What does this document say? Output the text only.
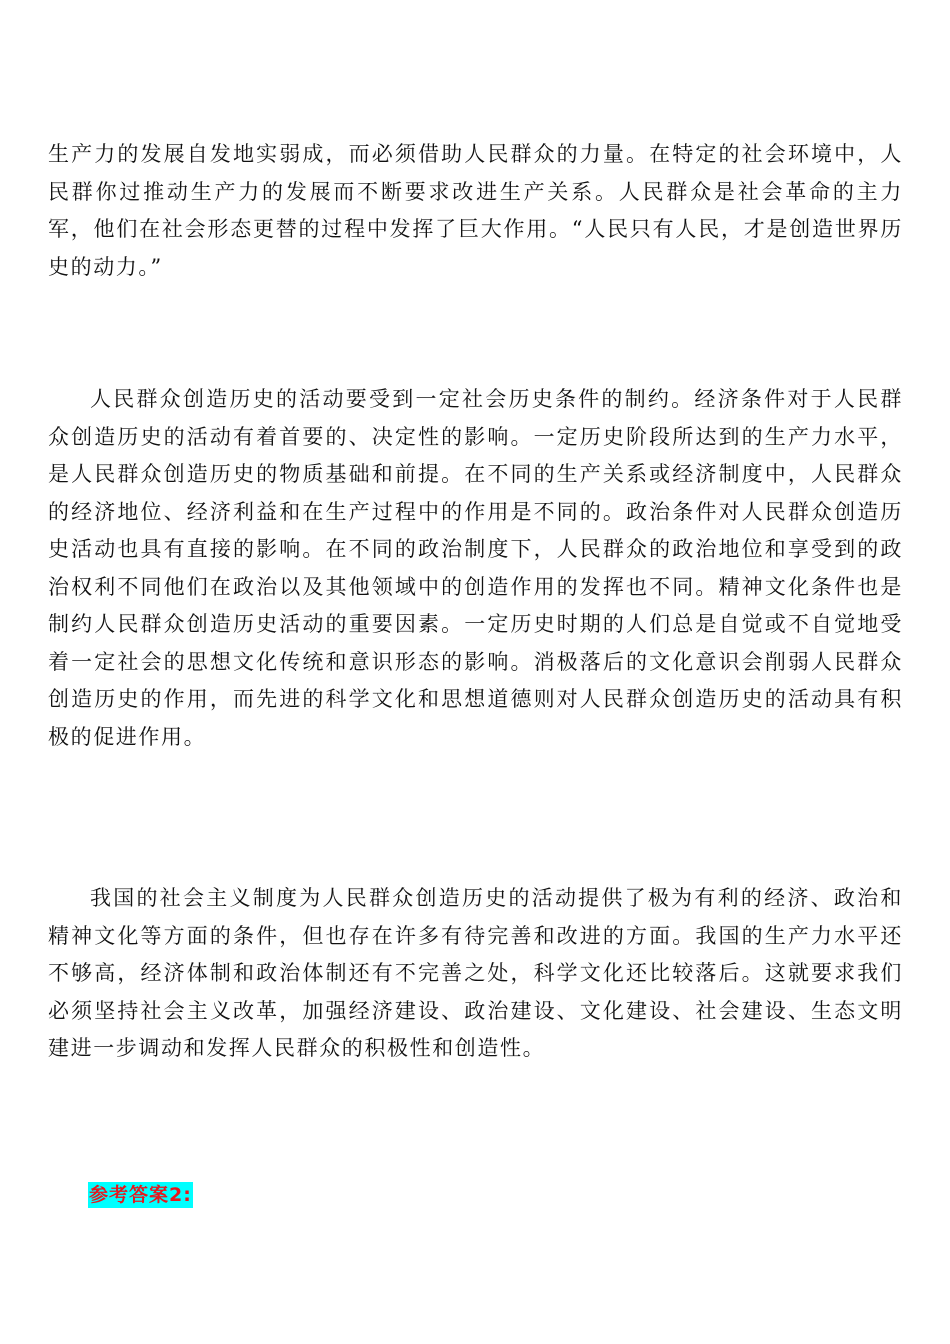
生产力的发展自发地实弱成，而必须借助人民群众的力量。在特定的社会环境中，人民群你过推动生产力的发展而不断要求改进生产关系。人民群众是社会革命的主力军，他们在社会形态更替的过程中发挥了巨大作用。“人民只有人民，才是创造世界历史的动力。”

人民群众创造历史的活动要受到一定社会历史条件的制约。经济条件对于人民群众创造历史的活动有着首要的、决定性的影响。一定历史阶段所达到的生产力水平，是人民群众创造历史的物质基础和前提。在不同的生产关系或经济制度中，人民群众的经济地位、经济利益和在生产过程中的作用是不同的。政治条件对人民群众创造历史活动也具有直接的影响。在不同的政治制度下，人民群众的政治地位和享受到的政治权利不同他们在政治以及其他领域中的创造作用的发挥也不同。精神文化条件也是制约人民群众创造历史活动的重要因素。一定历史时期的人们总是自觉或不自觉地受着一定社会的思想文化传统和意识形态的影响。消极落后的文化意识会削弱人民群众创造历史的作用，而先进的科学文化和思想道德则对人民群众创造历史的活动具有积极的促进作用。

我国的社会主义制度为人民群众创造历史的活动提供了极为有利的经济、政治和精神文化等方面的条件，但也存在许多有待完善和改进的方面。我国的生产力水平还不够高，经济体制和政治体制还有不完善之处，科学文化还比较落后。这就要求我们必须坚持社会主义改革，加强经济建设、政治建设、文化建设、社会建设、生态文明建进一步调动和发挥人民群众的积极性和创造性。

参考答案2:
